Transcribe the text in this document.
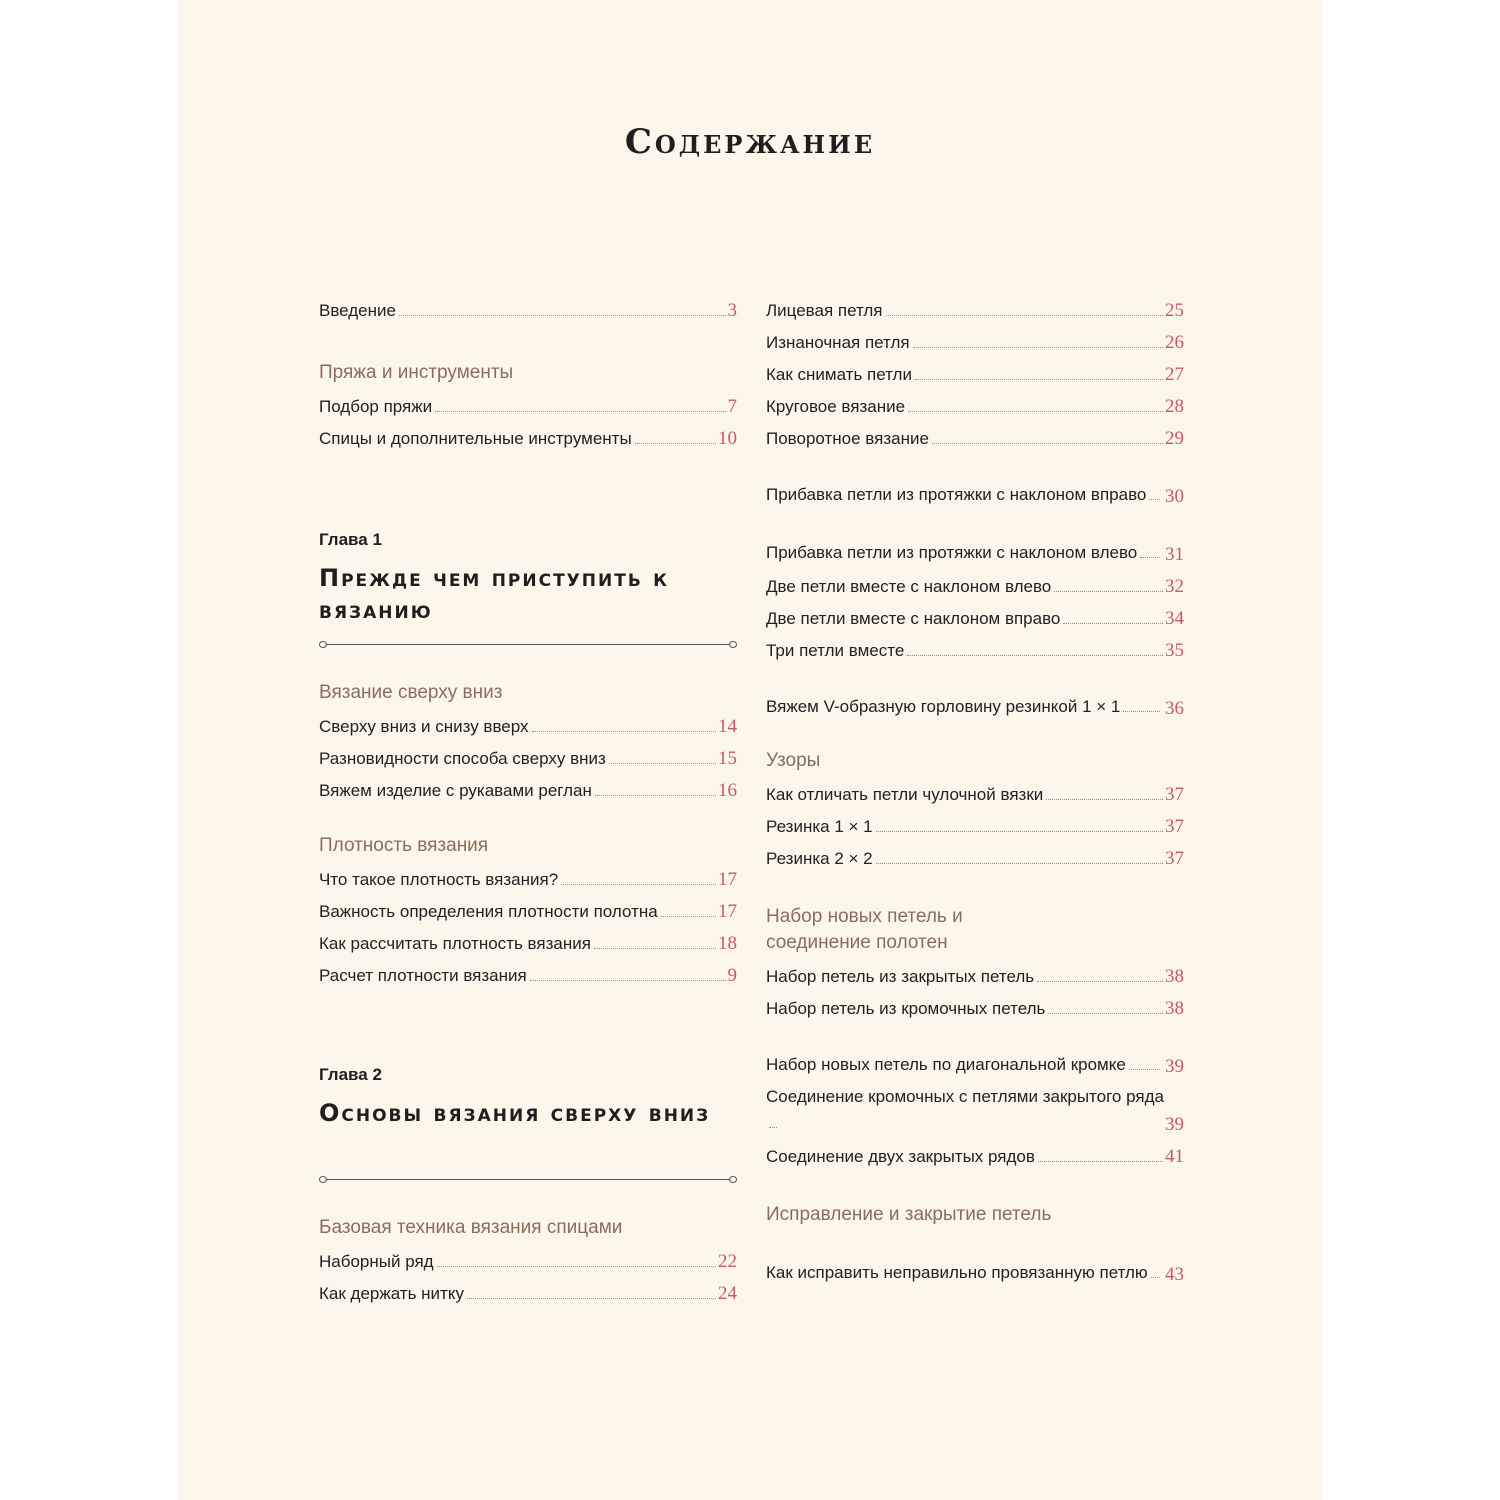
Содержание
Введение	3
Пряжа и инструменты
Подбор пряжи	7
Спицы и дополнительные инструменты	10
Глава 1
Прежде чем приступить к вязанию
Вязание сверху вниз
Сверху вниз и снизу вверх	14
Разновидности способа сверху вниз	15
Вяжем изделие с рукавами реглан	16
Плотность вязания
Что такое плотность вязания?	17
Важность определения плотности полотна	17
Как рассчитать плотность вязания	18
Расчет плотности вязания	9
Глава 2
Основы вязания сверху вниз
Базовая техника вязания спицами
Наборный ряд	22
Как держать нитку	24
Лицевая петля	25
Изнаночная петля	26
Как снимать петли	27
Круговое вязание	28
Поворотное вязание	29
Прибавка петли из протяжки с наклоном вправо 30
Прибавка петли из протяжки с наклоном влево	31
Две петли вместе с наклоном влево	32
Две петли вместе с наклоном вправо	34
Три петли вместе	35
Вяжем V-образную горловину резинкой 1 × 1	36
Узоры
Как отличать петли чулочной вязки	37
Резинка 1 × 1	37
Резинка 2 × 2	37
Набор новых петель и соединение полотен
Набор петель из закрытых петель	38
Набор петель из кромочных петель	38
Набор новых петель по диагональной кромке	39
Соединение кромочных с петлями закрытого ряда
39
Соединение двух закрытых рядов	41
Исправление и закрытие петель
Как исправить неправильно провязанную петлю 43
